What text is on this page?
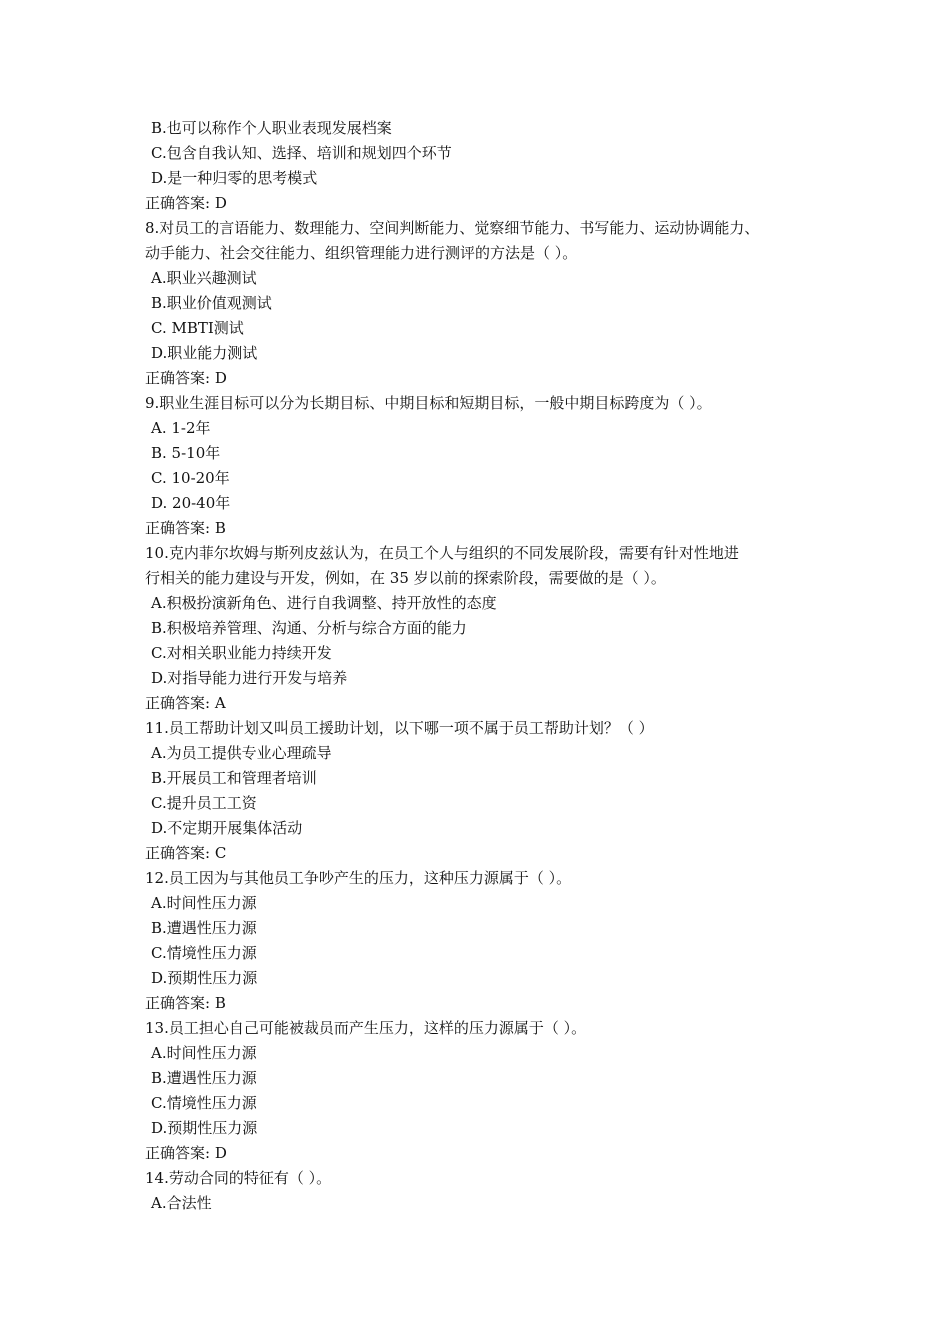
B.也可以称作个人职业表现发展档案
C.包含自我认知、选择、培训和规划四个环节
D.是一种归零的思考模式
正确答案: D
8.对员工的言语能力、数理能力、空间判断能力、觉察细节能力、书写能力、运动协调能力、
动手能力、社会交往能力、组织管理能力进行测评的方法是（ ）。
A.职业兴趣测试
B.职业价值观测试
C. MBTI测试
D.职业能力测试
正确答案: D
9.职业生涯目标可以分为长期目标、中期目标和短期目标，一般中期目标跨度为（ ）。
A. 1-2年
B. 5-10年
C. 10-20年
D. 20-40年
正确答案: B
10.克内菲尔坎姆与斯列皮兹认为，在员工个人与组织的不同发展阶段，需要有针对性地进
行相关的能力建设与开发，例如，在 35 岁以前的探索阶段，需要做的是（ ）。
A.积极扮演新角色、进行自我调整、持开放性的态度
B.积极培养管理、沟通、分析与综合方面的能力
C.对相关职业能力持续开发
D.对指导能力进行开发与培养
正确答案: A
11.员工帮助计划又叫员工援助计划，以下哪一项不属于员工帮助计划？（ ）
A.为员工提供专业心理疏导
B.开展员工和管理者培训
C.提升员工工资
D.不定期开展集体活动
正确答案: C
12.员工因为与其他员工争吵产生的压力，这种压力源属于（ ）。
A.时间性压力源
B.遭遇性压力源
C.情境性压力源
D.预期性压力源
正确答案: B
13.员工担心自己可能被裁员而产生压力，这样的压力源属于（ ）。
A.时间性压力源
B.遭遇性压力源
C.情境性压力源
D.预期性压力源
正确答案: D
14.劳动合同的特征有（ ）。
A.合法性
